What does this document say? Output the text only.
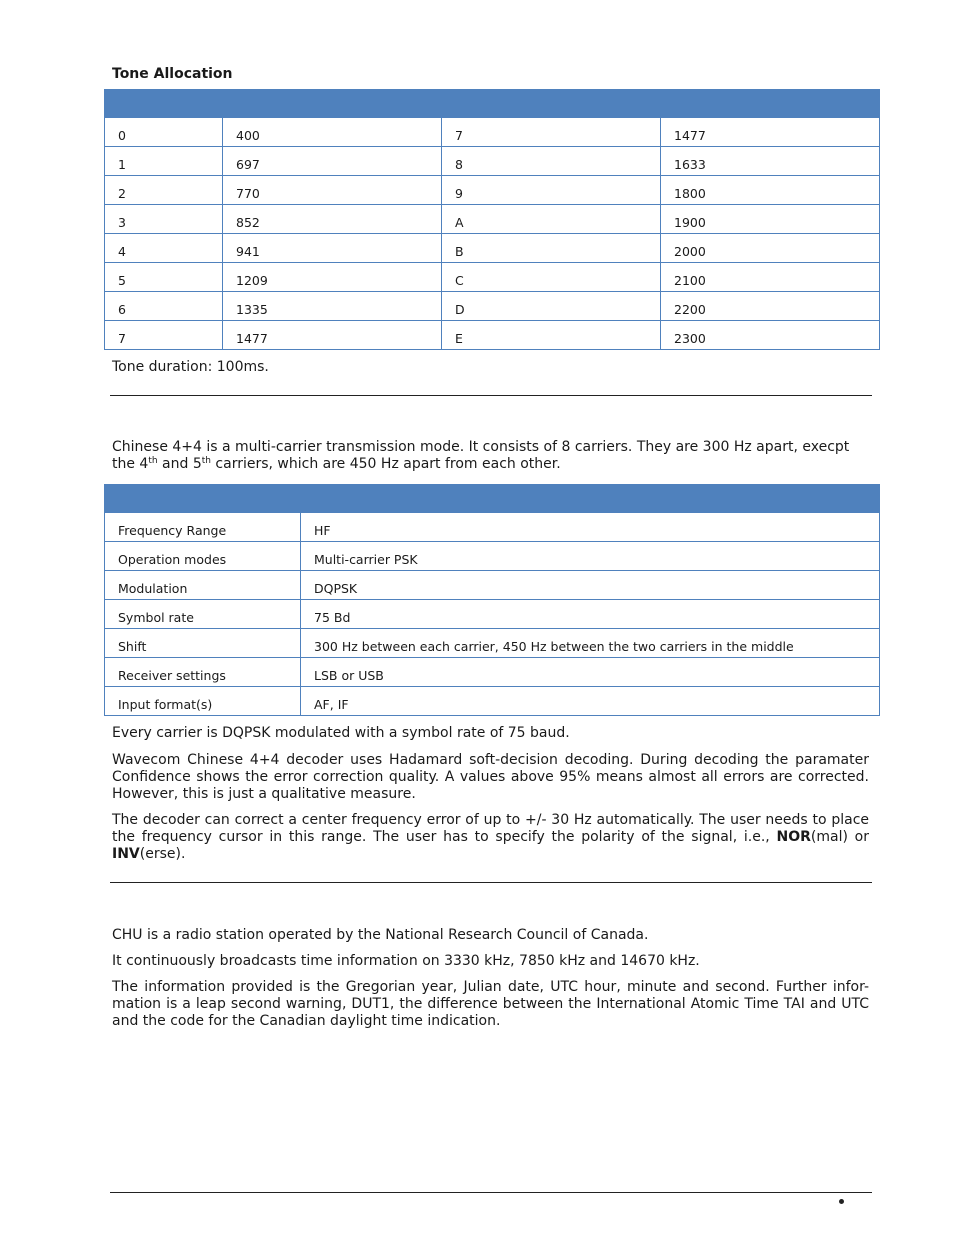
Tone Allocation

0	400	7	1477
1	697	8	1633
2	770	9	1800
3	852	A	1900
4	941	B	2000
5	1209	C	2100
6	1335	D	2200
7	1477	E	2300
Tone duration: 100ms.
Chinese 4+4 is a multi-carrier transmission mode. It consists of 8 carriers. They are 300 Hz apart, execpt
the 4th and 5th carriers, which are 450 Hz apart from each other.

Frequency Range	HF
Operation modes	Multi-carrier PSK
Modulation	DQPSK
Symbol rate	75 Bd
Shift	300 Hz between each carrier, 450 Hz between the two carriers in the middle
Receiver settings	LSB or USB
Input format(s)	AF, IF
Every carrier is DQPSK modulated with a symbol rate of 75 baud.
Wavecom Chinese 4+4 decoder uses Hadamard soft-decision decoding. During decoding the paramater Confidence shows the error correction quality. A values above 95% means almost all errors are corrected. However, this is just a qualitative measure.
The decoder can correct a center frequency error of up to +/- 30 Hz automatically. The user needs to place the frequency cursor in this range. The user has to specify the polarity of the signal, i.e., NOR(mal) or INV(erse).
CHU is a radio station operated by the National Research Council of Canada.
It continuously broadcasts time information on 3330 kHz, 7850 kHz and 14670 kHz.
The information provided is the Gregorian year, Julian date, UTC hour, minute and second. Further infor-mation is a leap second warning, DUT1, the difference between the International Atomic Time TAI and UTC and the code for the Canadian daylight time indication.
